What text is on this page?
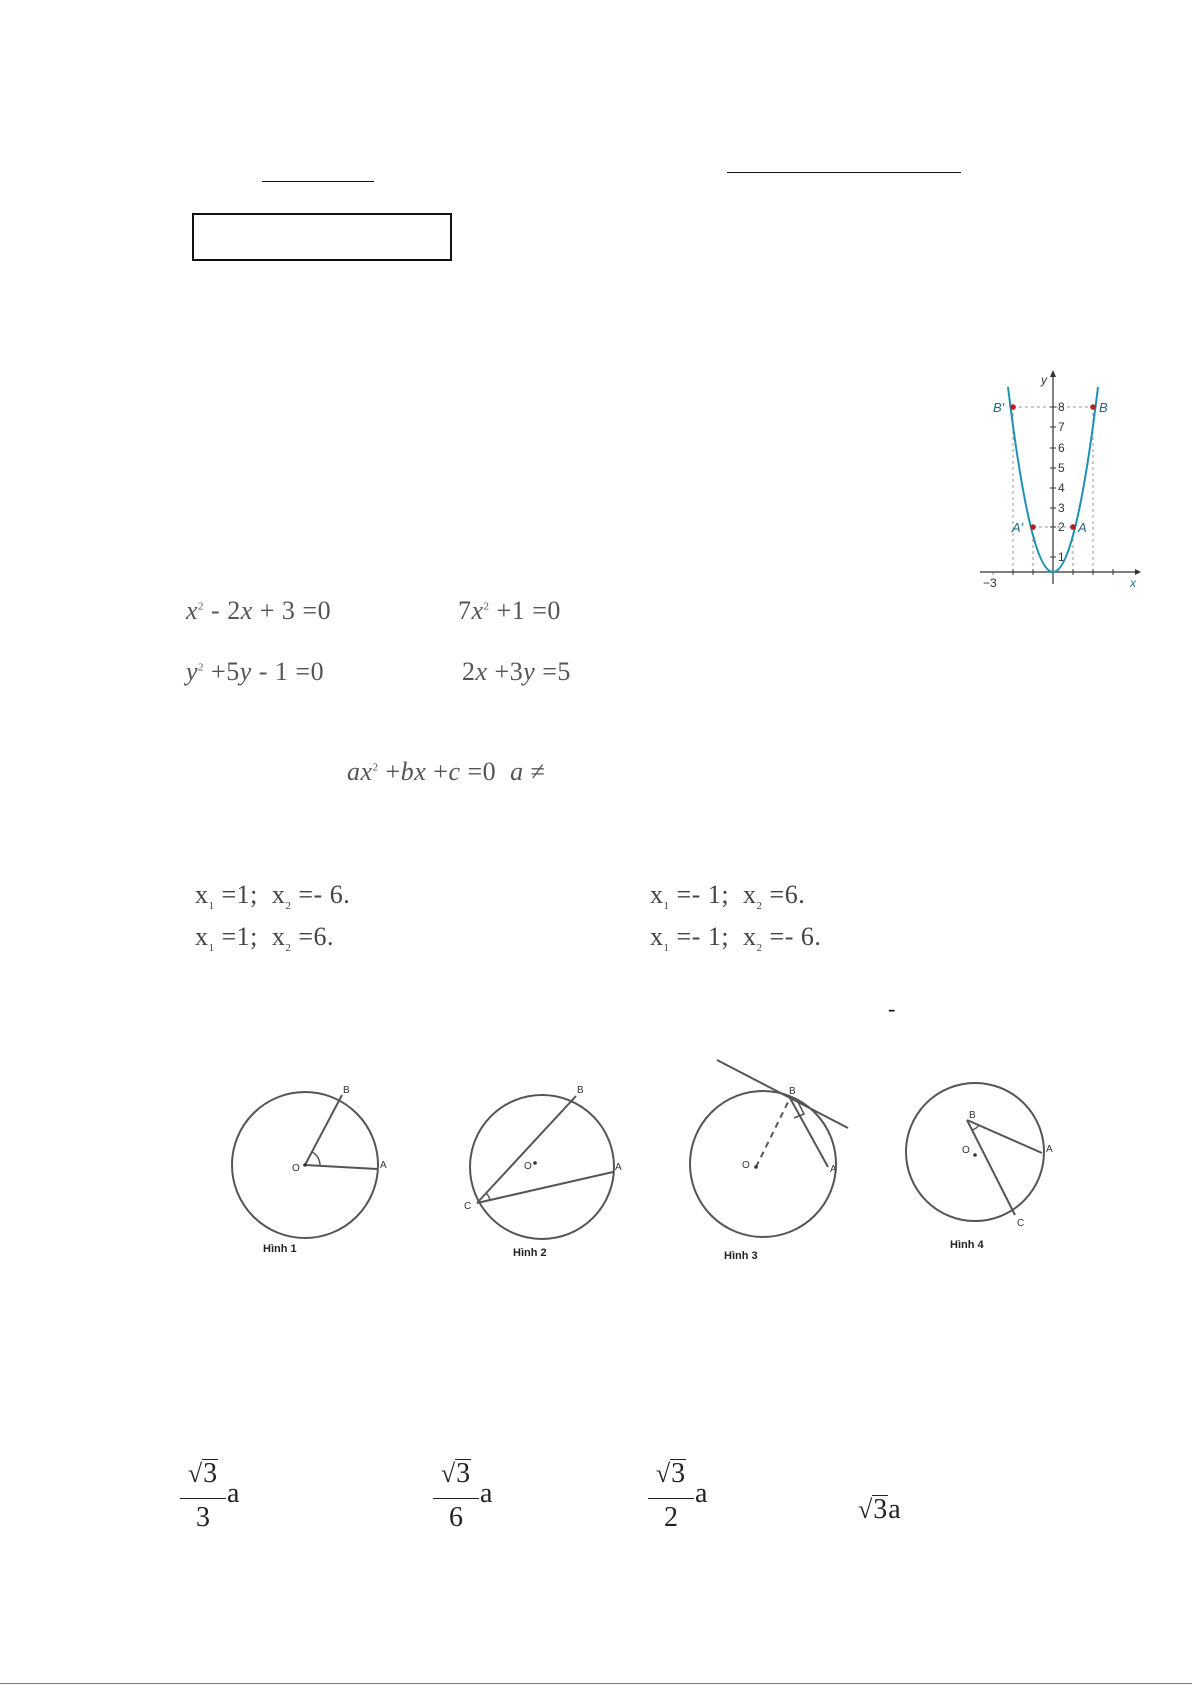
1
2
3
4
5
6
7
8
−3	x
y
B'	B
A'	A
$x^2 - 2x + 3 =0$	$7x^2 +1 =0$
$y^2 +5y - 1 =0$	2x +3y =5
$ax^2 +bx +c =0$  a ≠
$x_1 =1$;  $x_2 =- 6$.	$x_1 =- 1$;  $x_2 =6$.
$x_1 =1$;  $x_2 =6$.	$x_1 =- 1$;  $x_2 =- 6$.
-
O
B
A	O
B
A
C
O
B
A
O
B
A
C
Hình 1	Hình 2	Hình 3
Hình 4
√3
3
a
√3
6
a
√3
2
a
√3a
